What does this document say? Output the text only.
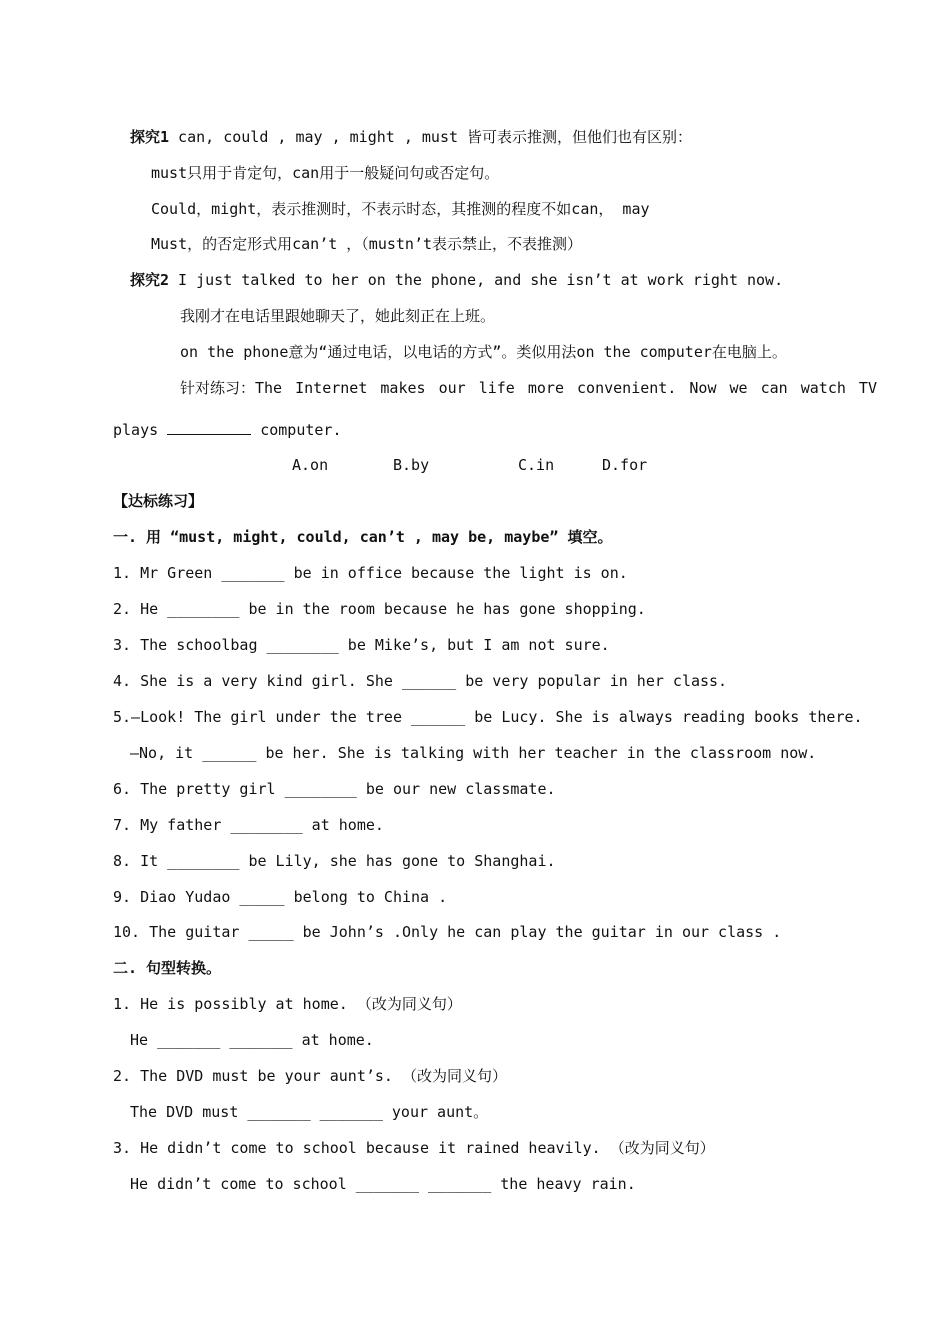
探究1 can, could , may , might , must 皆可表示推测，但他们也有区别：
must只用于肯定句，can用于一般疑问句或否定句。
Could，might，表示推测时，不表示时态，其推测的程度不如can， may
Must，的否定形式用can’t ，（mustn’t表示禁止，不表推测）
探究2 I just talked to her on the phone, and she isn’t at work right now.
我刚才在电话里跟她聊天了，她此刻正在上班。
on the phone意为“通过电话，以电话的方式”。类似用法on the computer在电脑上。
针对练习：The Internet makes our life more convenient. Now we can watch TV
plays	computer.
A.on	B.by	C.in	D.for
【达标练习】
一. 用 “must, might, could, can’t , may be, maybe” 填空。
1. Mr Green _______ be in office because the light is on.
2. He ________ be in the room because he has gone shopping.
3. The schoolbag ________ be Mike’s, but I am not sure.
4. She is a very kind girl. She ______ be very popular in her class.
5.—Look! The girl under the tree ______ be Lucy. She is always reading books there.
—No, it ______ be her. She is talking with her teacher in the classroom now.
6. The pretty girl ________ be our new classmate.
7. My father ________ at home.
8. It ________ be Lily, she has gone to Shanghai.
9. Diao Yudao _____ belong to China .
10. The guitar _____ be John’s .Only he can play the guitar in our class .
二. 句型转换。
1. He is possibly at home. （改为同义句）
He _______ _______ at home.
2. The DVD must be your aunt’s. （改为同义句）
The DVD must _______ _______ your aunt。
3. He didn’t come to school because it rained heavily. （改为同义句）
He didn’t come to school _______ _______ the heavy rain.
